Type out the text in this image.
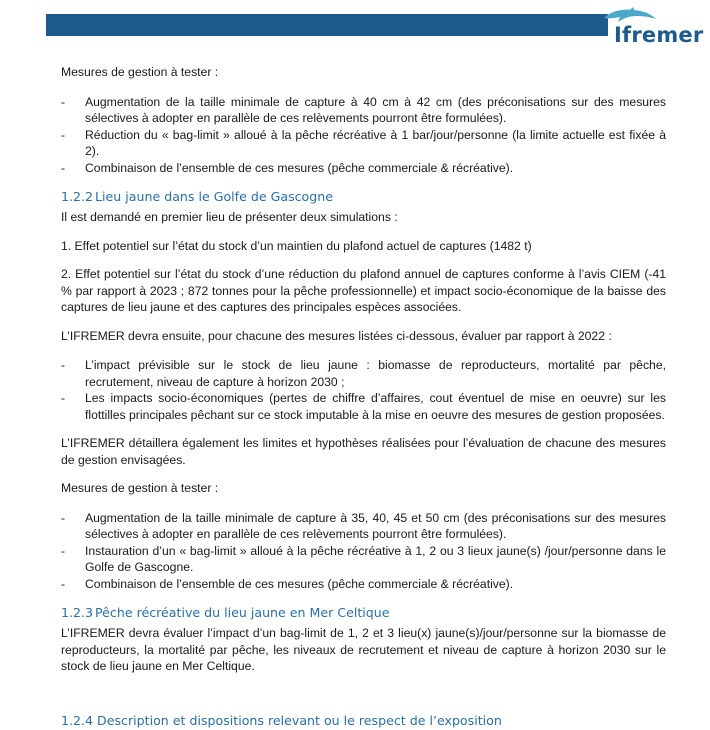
Ifremer

Mesures de gestion à tester :

- Augmentation de la taille minimale de capture à 40 cm à 42 cm (des préconisations sur des mesures sélectives à adopter en parallèle de ces relèvements pourront être formulées).
- Réduction du « bag-limit » alloué à la pêche récréative à 1 bar/jour/personne (la limite actuelle est fixée à 2).
- Combinaison de l’ensemble de ces mesures (pêche commerciale & récréative).
1.2.2 Lieu jaune dans le Golfe de Gascogne

Il est demandé en premier lieu de présenter deux simulations :

1. Effet potentiel sur l’état du stock d’un maintien du plafond actuel de captures (1482 t)

2. Effet potentiel sur l’état du stock d’une réduction du plafond annuel de captures conforme à l’avis CIEM (-41 % par rapport à 2023 ; 872 tonnes pour la pêche professionnelle) et impact socio-économique de la baisse des captures de lieu jaune et des captures des principales espèces associées.

L’IFREMER devra ensuite, pour chacune des mesures listées ci-dessous, évaluer par rapport à 2022 :

- L’impact prévisible sur le stock de lieu jaune : biomasse de reproducteurs, mortalité par pêche, recrutement, niveau de capture à horizon 2030 ;
- Les impacts socio-économiques (pertes de chiffre d’affaires, cout éventuel de mise en oeuvre) sur les flottilles principales pêchant sur ce stock imputable à la mise en oeuvre des mesures de gestion proposées.

L’IFREMER détaillera également les limites et hypothèses réalisées pour l’évaluation de chacune des mesures de gestion envisagées.

Mesures de gestion à tester :

- Augmentation de la taille minimale de capture à 35, 40, 45 et 50 cm (des préconisations sur des mesures sélectives à adopter en parallèle de ces relèvements pourront être formulées).
- Instauration d’un « bag-limit » alloué à la pêche récréative à 1, 2 ou 3 lieux jaune(s) /jour/personne dans le Golfe de Gascogne.
- Combinaison de l’ensemble de ces mesures (pêche commerciale & récréative).
1.2.3 Pêche récréative du lieu jaune en Mer Celtique

L’IFREMER devra évaluer l’impact d’un bag-limit de 1, 2 et 3 lieu(x) jaune(s)/jour/personne sur la biomasse de reproducteurs, la mortalité par pêche, les niveaux de recrutement et niveau de capture à horizon 2030 sur le stock de lieu jaune en Mer Celtique.

1.2.4 Description et dispositions relevant ou le respect de l’exposition
